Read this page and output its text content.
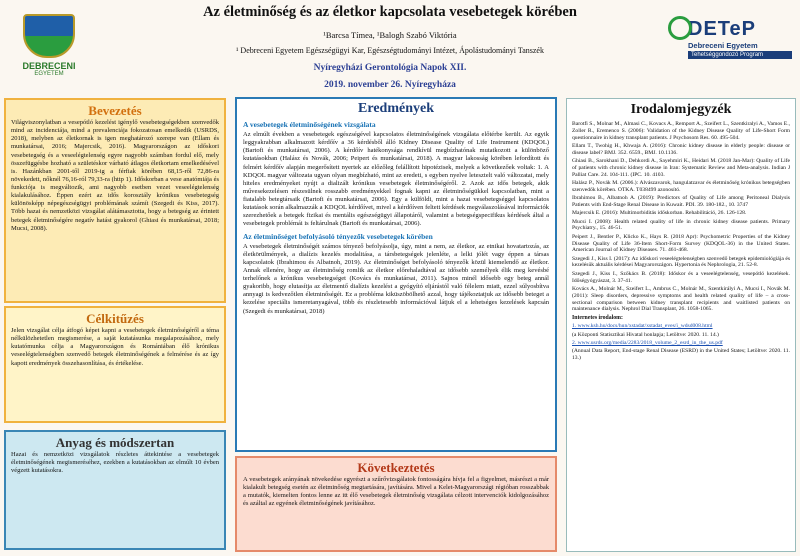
DEBRECENI
EGYETEM
Az életminőség és az életkor kapcsolata vesebetegek körében
¹Barcsa Tímea, ¹Balogh Szabó Viktória
¹ Debreceni Egyetem Egészségügyi Kar, Egészségtudományi Intézet, Ápolástudományi Tanszék
Nyíregyházi Gerontológia Napok XII.
2019. november 26. Nyíregyháza
DETeP
Debreceni Egyetem
Tehetséggondozó Program
Bevezetés

Világviszonylatban a vesepótló kezelést igénylő vesebetegségekben szenvedők mind az incidenciája, mind a prevalenciája fokozatosan emelkedik (USRDS, 2018), melyben az életkornak is igen meghatározó szerepe van (Ellam és munkatársai, 2016; Majercsik, 2016). Magyarországon az időskori vesebetegség és a veseelégtelenség egyre nagyobb számban fordul elő, mely összefüggésbe hozható a születéskor várható átlagos életkortam emelkedésével is. Hazánkban 2001-től 2019-ig a férfiak körében 68,15-ről 72,86-ra növekedett, nőknél 76,16-ról 79,33-ra (http 1). Időskorban a vese anatómiája és funkciója is megváltozik, ami nagyobb esetben vezet veseelégtelenség kialakulásához. Éppen ezért az idős korosztály krónikus vesebetegség különösképp népegészségügyi problémának számít (Szegedi és Kiss, 2017). Több hazai és nemzetközi vizsgálat alátámasztotta, hogy a betegség az érintett betegek életminőségére negatív hatást gyakorol (Ghiasi és munkatársai, 2018; Mucsi, 2008).

Célkitűzés

Jelen vizsgálat célja átfogó képet kapni a vesebetegek életminőségéről a téma nélkülözhetetlen megismerése, a saját kutatásunka megalapozásához, mely kutatómunka célja a Magyarországon és Romániában élő krónikus veseelégtelenségben szenvedő betegek életminőségének a felmérése és az így kapott eredmények összehasonlítása, és értékelése.

Anyag és módszertan

Hazai és nemzetközi vizsgálatok részletes áttekintése a vesebetegek életminőségének megismeréséhez, ezekben a kutatásokban az elmúlt 10 évben végzett kutatásokra.

Eredmények
A vesebetegek életminőségének vizsgálata

Az elmúlt években a vesebetegek egészségével kapcsolatos életminőségének vizsgálata előtérbe került. Az egyik leggyakrabban alkalmazott kérdőív a 36 kérdésből álló Kidney Disease Quality of Life Instrument (KDQOL) (Bartofi és munkatársai, 2006). A kérdőív hatékonysága rendkívül megbízhatónak mutatkozott a különböző kutatásokban (Halász és Novák, 2006; Peipert és munkatársai, 2018). A magyar lakosság körében lefordított és felmért kérdőív alapján megerősített nyertek az előzőleg felállított hipotézisek, melyek a következőek voltak: 1. A KDQOL magyar változata ugyan olyan megbízható, mint az eredeti, s egyben nyelve letesztelt való változatai, mely hiteles eredményeket nyújt a dializált krónikus vesebetegek életminőségéről. 2. Azok az idős betegek, akik művesekezelésen részesülnek rosszabb eredményekkel fognak kapni az életminőségükkel kapcsolatban, mint a fiatalabb betegtársaik (Bartofi és munkatársai, 2006). Egy a külföldi, mint a hazai vesebetegséggel kapcsolatos kutatások során alkalmazzák a KDQOL kérdőívet, mivel a kérdőíven feltett kérdések megválaszolásával információk szerezhetőek a betegek fizikai és mentális egészségügyi állapotáról, valamint a betegségspecifikus kérdések által a vesebetegek problémái is feltárulnak (Bartofi és munkatársai, 2006).

Az életminőséget befolyásoló tényezők vesebetegek körében

A vesebetegek életminőségét számos tényező befolyásolja, úgy, mint a nem, az életkor, az etnikai hovatartozás, az életkörülmények, a dialízis kezelés modalitása, a társbetegségek jelenléte, a lelki jólét vagy éppen a társas kapcsolatok (Ibrahimou és Albatnoh, 2019). Az életminőséget befolyásoló tényezők közül kiemelendő az életkor. Annak ellenére, hogy az életminőség romlik az életkor előrehaladtával az idősebb személyek élik meg kevésbé terhelőnek a krónikus vesebetegséget (Kovács és munkatársai, 2011). Sajnos minél idősebb egy beteg annál gyakoribb, hogy elutasítja az életmentő dialízis kezelést a gyógyító eljárástól való félelem miatt, ezzel súlyosbítva annyagi is kedvezőtlen életminőségét. Ez a probléma kiküszöbölhető azzal, hogy tájékoztatjuk az idősebb beteget a kezelése speciális ismeretanyagával, több és részletesebb információval látjuk el a lehetséges kezelések kapcsán (Szegedi és munkatársai, 2018)

Következtetés

A vesebetegek arányának növekedése egyrészt a szűrővizsgálatok fontosságára hívja fel a figyelmet, másrészt a már kialakult betegség esetén az életminőség megtartására, javítására. Mivel a Kelet-Magyarországi régióban rosszabbak a mutatók, kiemelten fontos lenne az itt élő vesebetegek életminőség vizsgálata célzott intervenciók kidolgozásához és azáltal az egyének életminőségének javításához.

Irodalomjegyzék

Barotfi S., Molnar M., Almasi C., Kovacs A., Remport A., Szeifert L., Szentkiralyi A., Vamos E., Zoller R., Eremenco S. (2006): Validation of the Kidney Disease Quality of Life-Short Form questionnaire in kidney transplant patients. J Psychosom Res. 60. 495-504.

Ellam T., Twohig H., Khwaja A. (2016): Chronic kidney disease in elderly people: disease or disease label? BMJ. 352. 6559., BMJ. 10.1136.

Ghiasi B., Sarokhani D., Dehkordi A., Sayehmiri K., Heidari M. (2018 Jan-Mar): Quality of Life of patients with chronic kidney disease in Iran: Systematic Review and Meta-analysis. Indian J Palliat Care. 24. 104-111. (IPC. 10. 4103.

Halász P., Novák M. (2006.): Alvászavarok, hangulatzavar és életminőség krónikus betegségben szenvedők körében. OTKA. T038499 azonosító.

Ibrahimou B., Albatnoh A. (2019): Predictors of Quality of Life among Peritoneal Dialysis Patients with End-Stage Renal Disease in Kuwait. PDI. 39. 180-182., 10. 3747

Majercsik E. (2016): Multimorbiditás időskorban. Rehabilitáció, 26. 126-128.

Mucsi I. (2008): Health related quality of life in chronic kidney disease patients. Primary Psychiatry., 15. 46-51.

Peipert J., Bentler P., Klicko K., Hays R. (2018 Apr): Psychometric Properties of the Kidney Disease Quality of Life 36-Item Short-Form Survey (KDQOL-36) in the United States. American Journal of Kidney Diseases. 71. 461-468.

Szegedi J., Kiss I. (2017): Az időskori veseelégtelenségben szenvedő betegek epidemiológiája és kezelésük aktuális kérdései Magyarországon. Hypertonia és Nephrologia, 21. 52-8.

Szegedi J., Kiss I., Szőkács B. (2018): Időskor és a veseelégtelenség, vesepótló kezelések. Időségyógyászat, 3. 37-41.

Kovács A., Molnár M., Szeifert L., Ambrus C., Molnár M., Szentkirályi A., Mucsi I., Novák M. (2011): Sleep disorders, depressive symptoms and health related quality of life – a cross-sectional comparison between kidney transplant recipients and waitlisted patients on maintenance dialysis. Nephrol Dial Transplant, 26. 1058-1065.

Internetes irodalom:

1. www.ksh.hu/docs/hun/xstadat/xstadat_eves/i_wdsd008.html

(a Központi Statisztikai Hivatal honlapja; Letöltve: 2020. 11. 14.)

2. www.usrds.org/media/2283/2018_volume_2_esrd_in_the_us.pdf

(Annual Data Report, End-stage Renal Disease (ESRD) in the United States; Letöltve: 2020. 11. 13.)
